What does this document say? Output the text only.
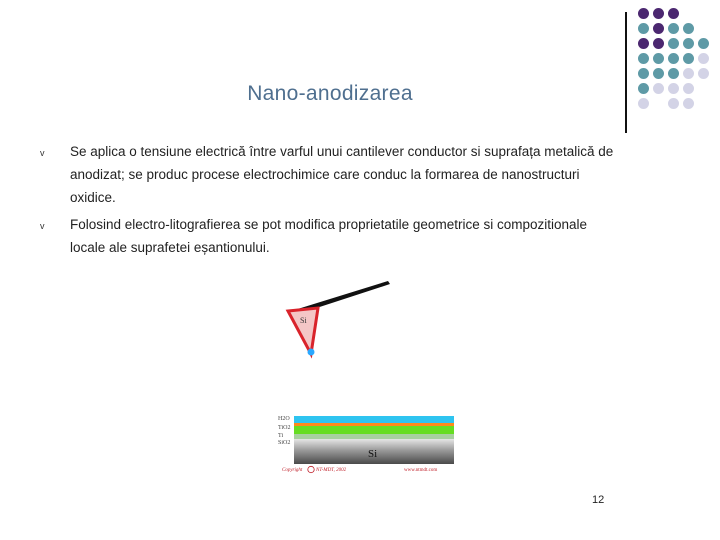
Nano-anodizarea
v Se aplica o tensiune electrică între varful unui cantilever conductor si suprafața metalică de anodizat; se produc procese electrochimice care conduc la formarea de nanostructuri oxidice.
v Folosind electro-litografierea se pot modifica proprietatile geometrice si compozitionale locale ale suprafetei eșantionului.
Si
H2O
TiO2
Ti
SiO2
Si
Copyright	NT-MDT, 2002	www.ntmdt.com
12
